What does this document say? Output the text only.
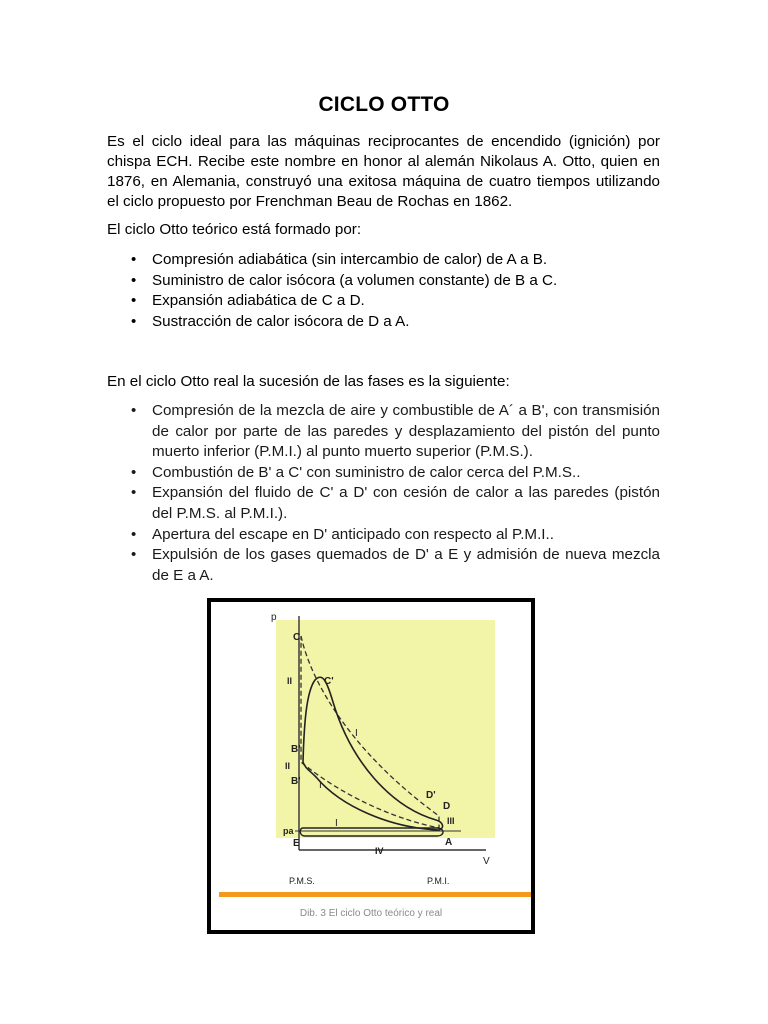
CICLO OTTO

Es el ciclo ideal para las máquinas reciprocantes de encendido (ignición) por chispa ECH. Recibe este nombre en honor al alemán Nikolaus A. Otto, quien en 1876, en Alemania, construyó una exitosa máquina de cuatro tiempos utilizando el ciclo propuesto por Frenchman Beau de Rochas en 1862.

El ciclo Otto teórico está formado por:

• Compresión adiabática (sin intercambio de calor) de A a B.
• Suministro de calor isócora (a volumen constante) de B a C.
• Expansión adiabática de C a D.
• Sustracción de calor isócora de D a A.

En el ciclo Otto real la sucesión de las fases es la siguiente:

• Compresión de la mezcla de aire y combustible de A´ a B', con transmisión de calor por parte de las paredes y desplazamiento del pistón del punto muerto inferior (P.M.I.) al punto muerto superior (P.M.S.).
• Combustión de B' a C' con suministro de calor cerca del P.M.S..
• Expansión del fluido de C' a D' con cesión de calor a las paredes (pistón del P.M.S. al P.M.I.).
• Apertura del escape en D' anticipado con respecto al P.M.I..
• Expulsión de los gases quemados de D' a E y admisión de nueva mezcla de E a A.
p
V
pa
P.M.S.	P.M.I.
C
C'
II
B'
II
B'
D'
D
A
E
I
I
I	III
IV
Dib. 3 El ciclo Otto teórico y real
